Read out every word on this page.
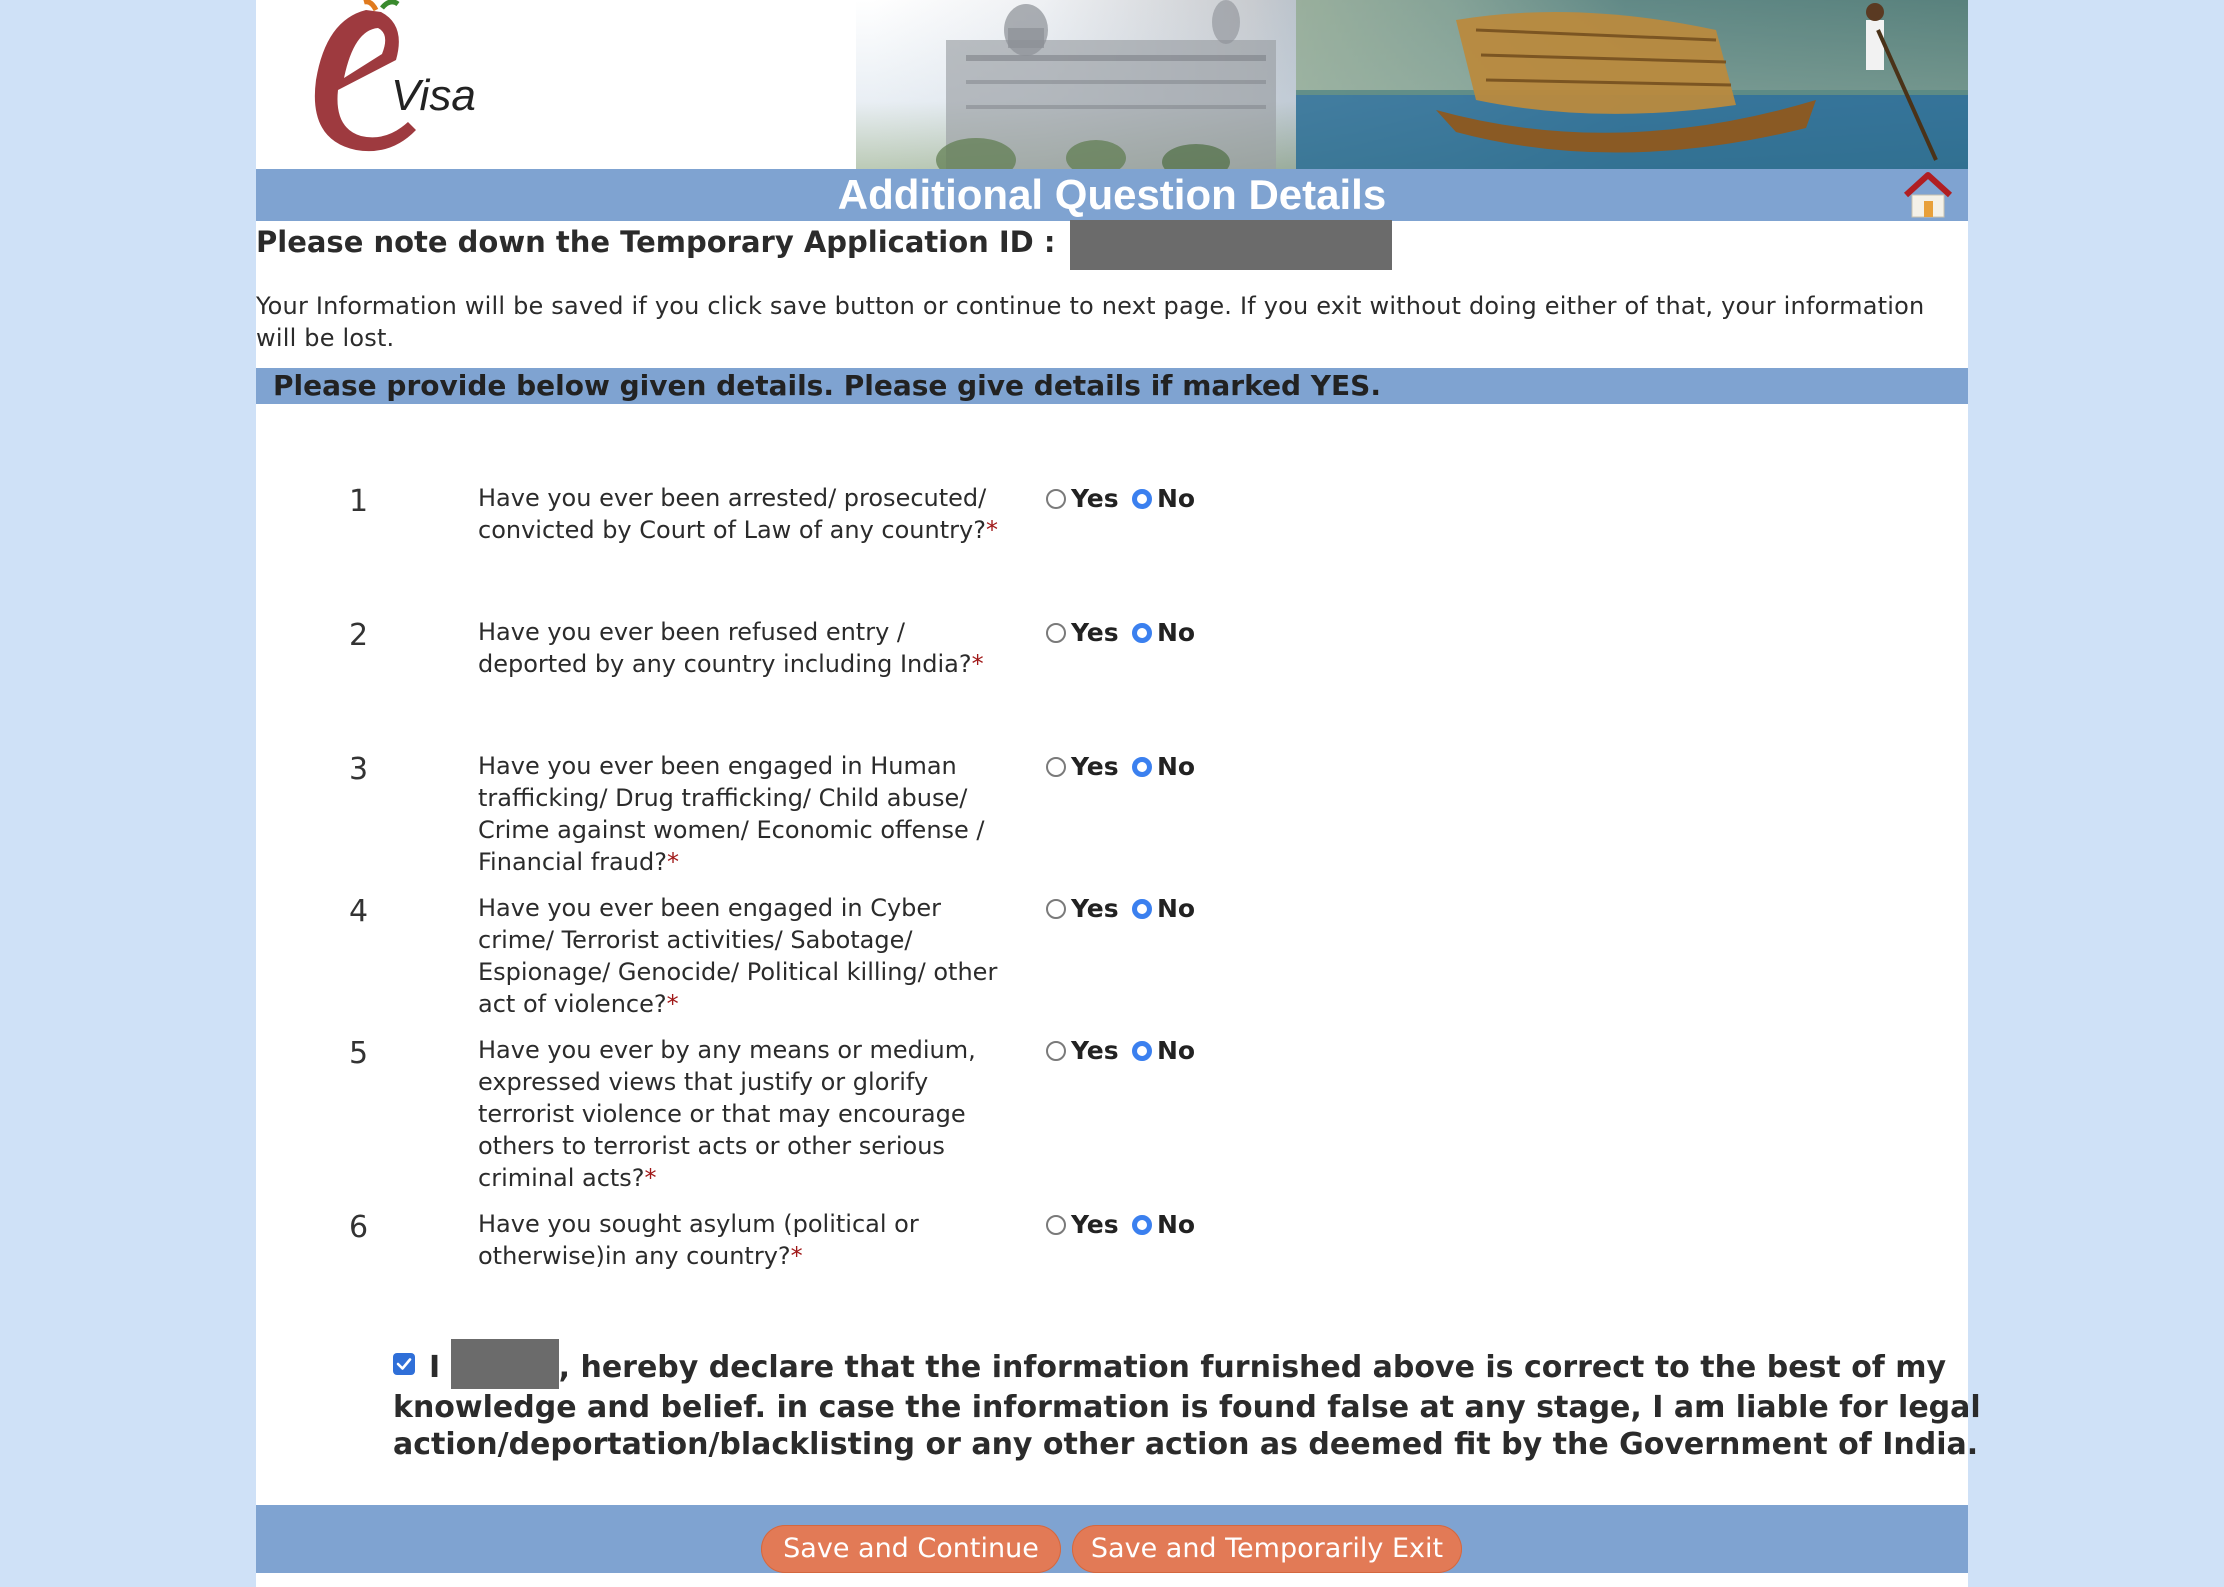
Visa
Additional Question Details
Please note down the Temporary Application ID :
Your Information will be saved if you click save button or continue to next page. If you exit without doing either of that, your information will be lost.
Please provide below given details. Please give details if marked YES.
1	Have you ever been arrested/ prosecuted/ convicted by Court of Law of any country?*
Yes No
2	Have you ever been refused entry / deported by any country including India?*
Yes No
3	Have you ever been engaged in Human trafficking/ Drug trafficking/ Child abuse/ Crime against women/ Economic offense / Financial fraud?*
Yes No
4	Have you ever been engaged in Cyber crime/ Terrorist activities/ Sabotage/ Espionage/ Genocide/ Political killing/ other act of violence?*
Yes No
5	Have you ever by any means or medium, expressed views that justify or glorify terrorist violence or that may encourage others to terrorist acts or other serious criminal acts?*
Yes No
6	Have you sought asylum (political or otherwise)in any country?*
Yes No
I	, hereby declare that the information furnished above is correct to the best of my knowledge and belief. in case the information is found false at any stage, I am liable for legal action/deportation/blacklisting or any other action as deemed fit by the Government of India.
Save and Continue	Save and Temporarily Exit
